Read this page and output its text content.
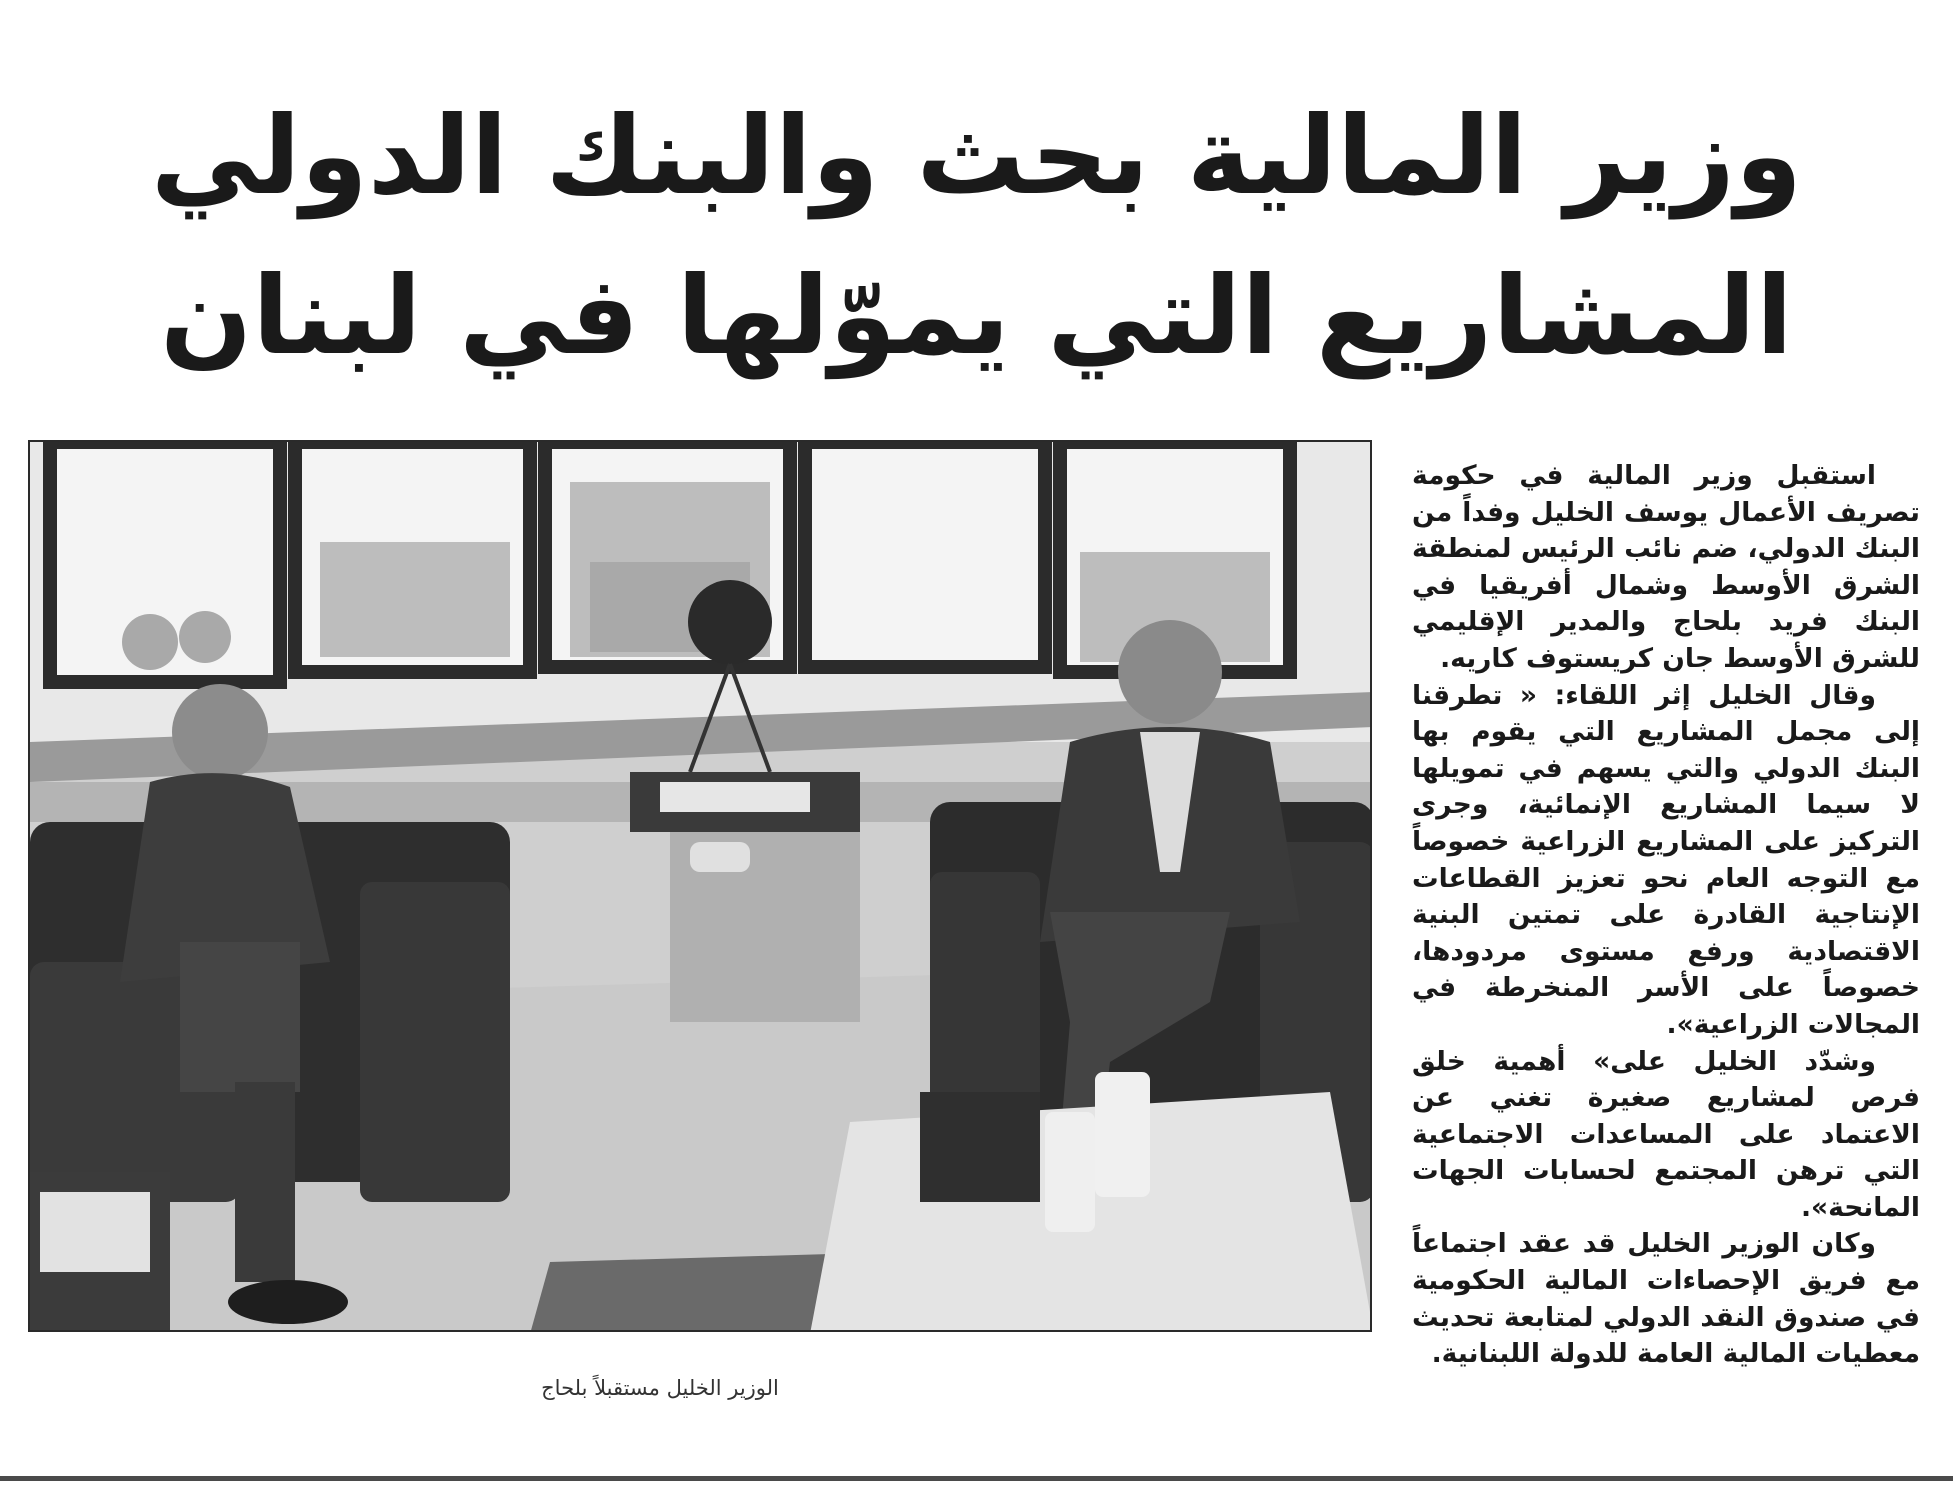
وزير المالية بحث والبنك الدولي
المشاريع التي يموّلها في لبنان
الوزير الخليل مستقبلاً بلحاج

استقبل وزير المالية في حكومة تصريف الأعمال يوسف الخليل وفداً من البنك الدولي، ضم نائب الرئيس لمنطقة الشرق الأوسط وشمال أفريقيا في البنك فريد بلحاج والمدير الإقليمي للشرق الأوسط جان كريستوف كاريه.

وقال الخليل إثر اللقاء: « تطرقنا إلى مجمل المشاريع التي يقوم بها البنك الدولي والتي يسهم في تمويلها لا سيما المشاريع الإنمائية، وجرى التركيز على المشاريع الزراعية خصوصاً مع التوجه العام نحو تعزيز القطاعات الإنتاجية القادرة على تمتين البنية الاقتصادية ورفع مستوى مردودها، خصوصاً على الأسر المنخرطة في المجالات الزراعية».

وشدّد الخليل على» أهمية خلق فرص لمشاريع صغيرة تغني عن الاعتماد على المساعدات الاجتماعية التي ترهن المجتمع لحسابات الجهات المانحة».

وكان الوزير الخليل قد عقد اجتماعاً مع فريق الإحصاءات المالية الحكومية في صندوق النقد الدولي لمتابعة تحديث معطيات المالية العامة للدولة اللبنانية.
